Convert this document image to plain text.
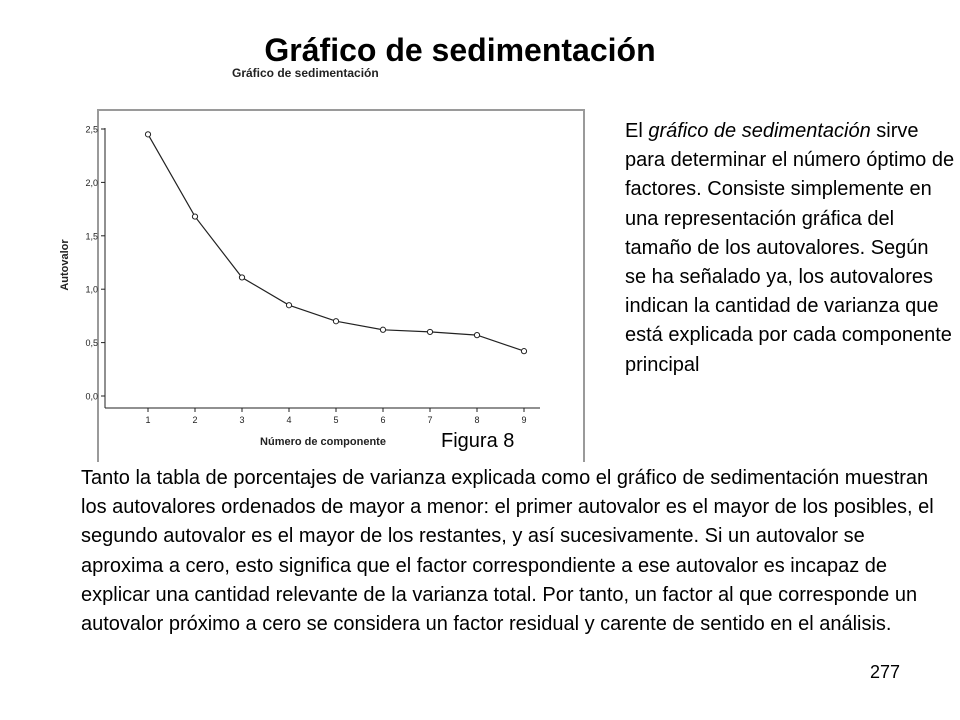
Gráfico de sedimentación
Gráfico de sedimentación
0,0
0,5
1,0
1,5
2,0
2,5
1	2	3	4	5	6	7	8	9
Autovalor
Número de componente	Figura 8

El gráfico de sedimentación sirve para determinar el número óptimo de factores. Consiste simplemente en una representación gráfica del tamaño de los autovalores. Según se ha señalado ya, los autovalores indican la cantidad de varianza que está explicada por cada componente principal

Tanto la tabla de porcentajes de varianza explicada como el gráfico de sedimentación muestran los autovalores ordenados de mayor a menor: el primer autovalor es el mayor de los posibles, el segundo autovalor es el mayor de los restantes, y así sucesivamente. Si un autovalor se aproxima a cero, esto significa que el factor correspondiente a ese autovalor es incapaz de explicar una cantidad relevante de la varianza total. Por tanto, un factor al que corresponde un autovalor próximo a cero se considera un factor residual y carente de sentido en el análisis.

277
